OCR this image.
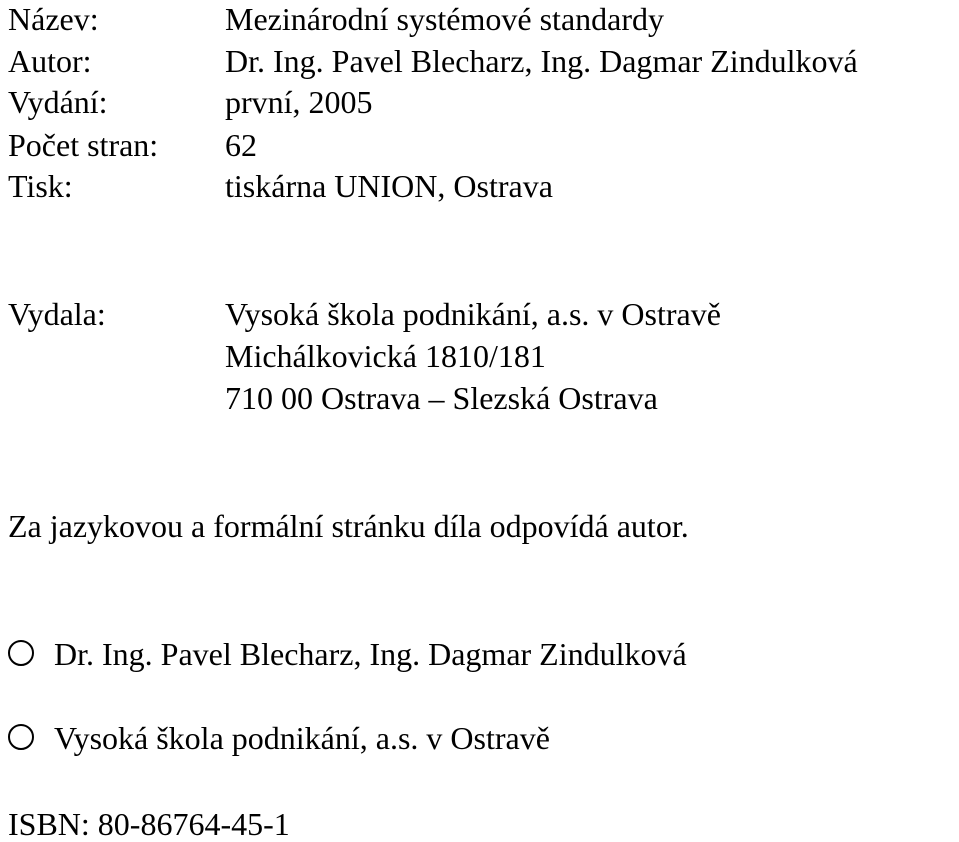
Název:	Mezinárodní systémové standardy
Autor:	Dr. Ing. Pavel Blecharz, Ing. Dagmar Zindulková
Vydání:	první, 2005
Počet stran: 62
Tisk:	tiskárna UNION, Ostrava
Vydala:	Vysoká škola podnikání, a.s. v Ostravě
Michálkovická 1810/181
710 00 Ostrava – Slezská Ostrava
Za jazykovou a formální stránku díla odpovídá autor.
Dr. Ing. Pavel Blecharz, Ing. Dagmar Zindulková
Vysoká škola podnikání, a.s. v Ostravě
ISBN: 80-86764-45-1
